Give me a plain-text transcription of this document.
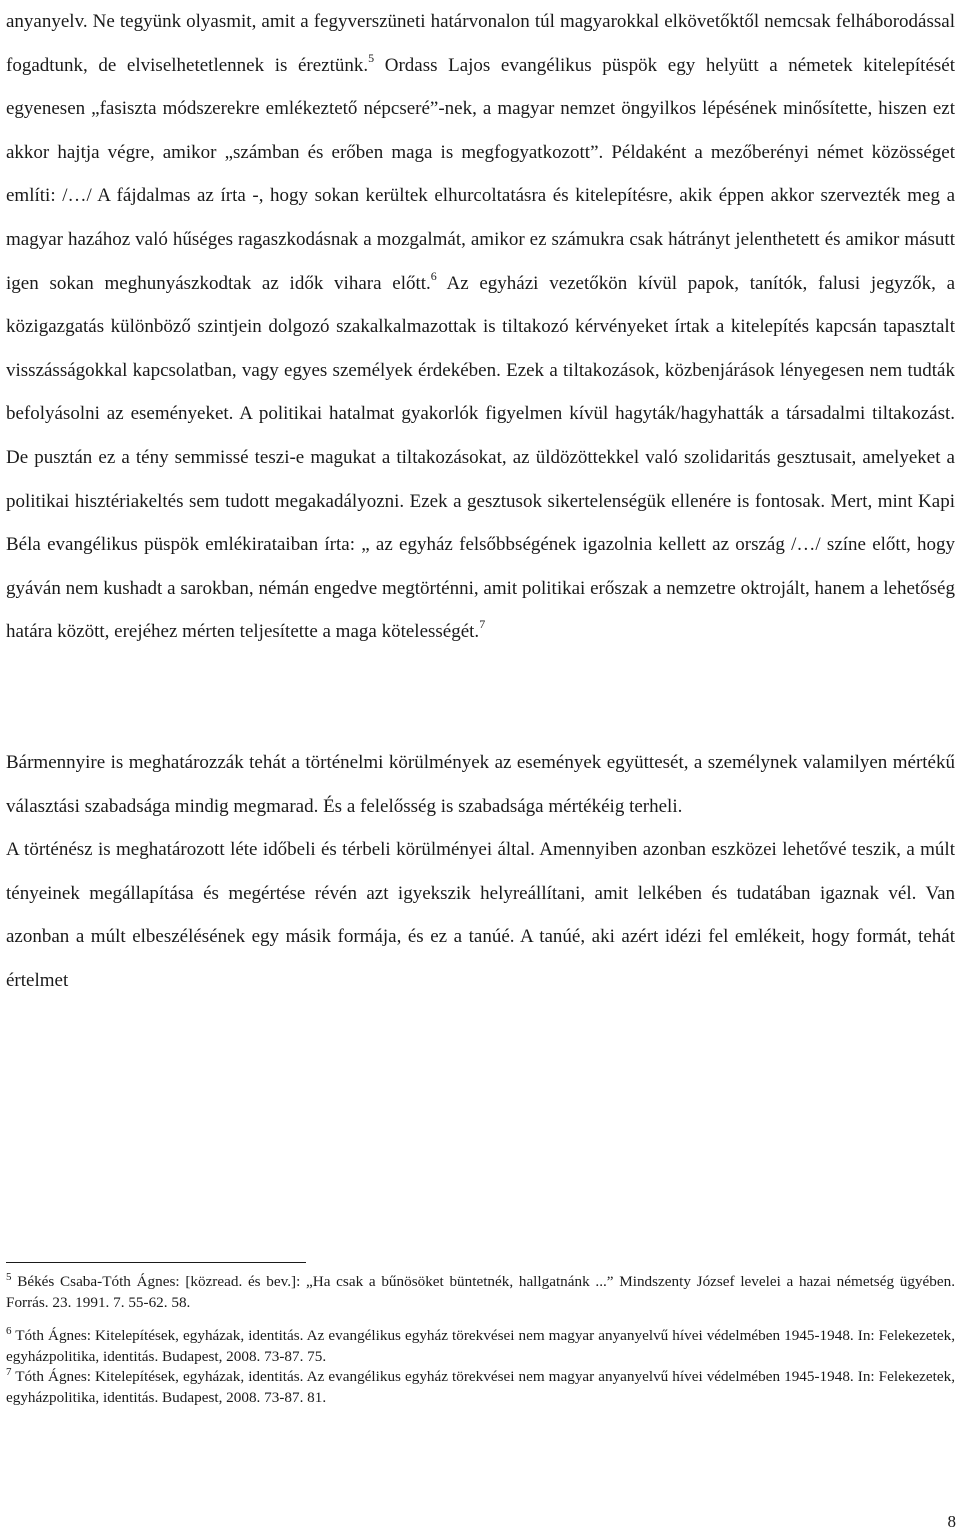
anyanyelv. Ne tegyünk olyasmit, amit a fegyverszüneti határvonalon túl magyarokkal elkövetőktől nemcsak felháborodással fogadtunk, de elviselhetetlennek is éreztünk.$^5$ Ordass Lajos evangélikus püspök egy helyütt a németek kitelepítését egyenesen „fasiszta módszerekre emlékeztető népcseré”-nek, a magyar nemzet öngyilkos lépésének minősítette, hiszen ezt akkor hajtja végre, amikor „számban és erőben maga is megfogyatkozott”. Példaként a mezőberényi német közösséget említi: /…/ A fájdalmas az írta -, hogy sokan kerültek elhurcoltatásra és kitelepítésre, akik éppen akkor szervezték meg a magyar hazához való hűséges ragaszkodásnak a mozgalmát, amikor ez számukra csak hátrányt jelenthetett és amikor másutt igen sokan meghunyászkodtak az idők vihara előtt.$^6$ Az egyházi vezetőkön kívül papok, tanítók, falusi jegyzők, a közigazgatás különböző szintjein dolgozó szakalkalmazottak is tiltakozó kérvényeket írtak a kitelepítés kapcsán tapasztalt visszásságokkal kapcsolatban, vagy egyes személyek érdekében. Ezek a tiltakozások, közbenjárások lényegesen nem tudták befolyásolni az eseményeket. A politikai hatalmat gyakorlók figyelmen kívül hagyták/hagyhatták a társadalmi tiltakozást. De pusztán ez a tény semmissé teszi-e magukat a tiltakozásokat, az üldözöttekkel való szolidaritás gesztusait, amelyeket a politikai hisztériakeltés sem tudott megakadályozni. Ezek a gesztusok sikertelenségük ellenére is fontosak. Mert, mint Kapi Béla evangélikus püspök emlékirataiban írta: „ az egyház felsőbbségének igazolnia kellett az ország /…/ színe előtt, hogy gyáván nem kushadt a sarokban, némán engedve megtörténni, amit politikai erőszak a nemzetre oktrojált, hanem a lehetőség határa között, erejéhez mérten teljesítette a maga kötelességét.$^7$

Bármennyire is meghatározzák tehát a történelmi körülmények az események együttesét, a személynek valamilyen mértékű választási szabadsága mindig megmarad. És a felelősség is szabadsága mértékéig terheli.

A történész is meghatározott léte időbeli és térbeli körülményei által. Amennyiben azonban eszközei lehetővé teszik, a múlt tényeinek megállapítása és megértése révén azt igyekszik helyreállítani, amit lelkében és tudatában igaznak vél. Van azonban a múlt elbeszélésének egy másik formája, és ez a tanúé. A tanúé, aki azért idézi fel emlékeit, hogy formát, tehát értelmet

$^5$ Békés Csaba-Tóth Ágnes: [közread. és bev.]: „Ha csak a bűnösöket büntetnék, hallgatnánk ...” Mindszenty József levelei a hazai németség ügyében. Forrás. 23. 1991. 7. 55-62. 58.

$^6$ Tóth Ágnes: Kitelepítések, egyházak, identitás. Az evangélikus egyház törekvései nem magyar anyanyelvű hívei védelmében 1945-1948. In: Felekezetek, egyházpolitika, identitás. Budapest, 2008. 73-87. 75.

$^7$ Tóth Ágnes: Kitelepítések, egyházak, identitás. Az evangélikus egyház törekvései nem magyar anyanyelvű hívei védelmében 1945-1948. In: Felekezetek, egyházpolitika, identitás. Budapest, 2008. 73-87. 81.

8
